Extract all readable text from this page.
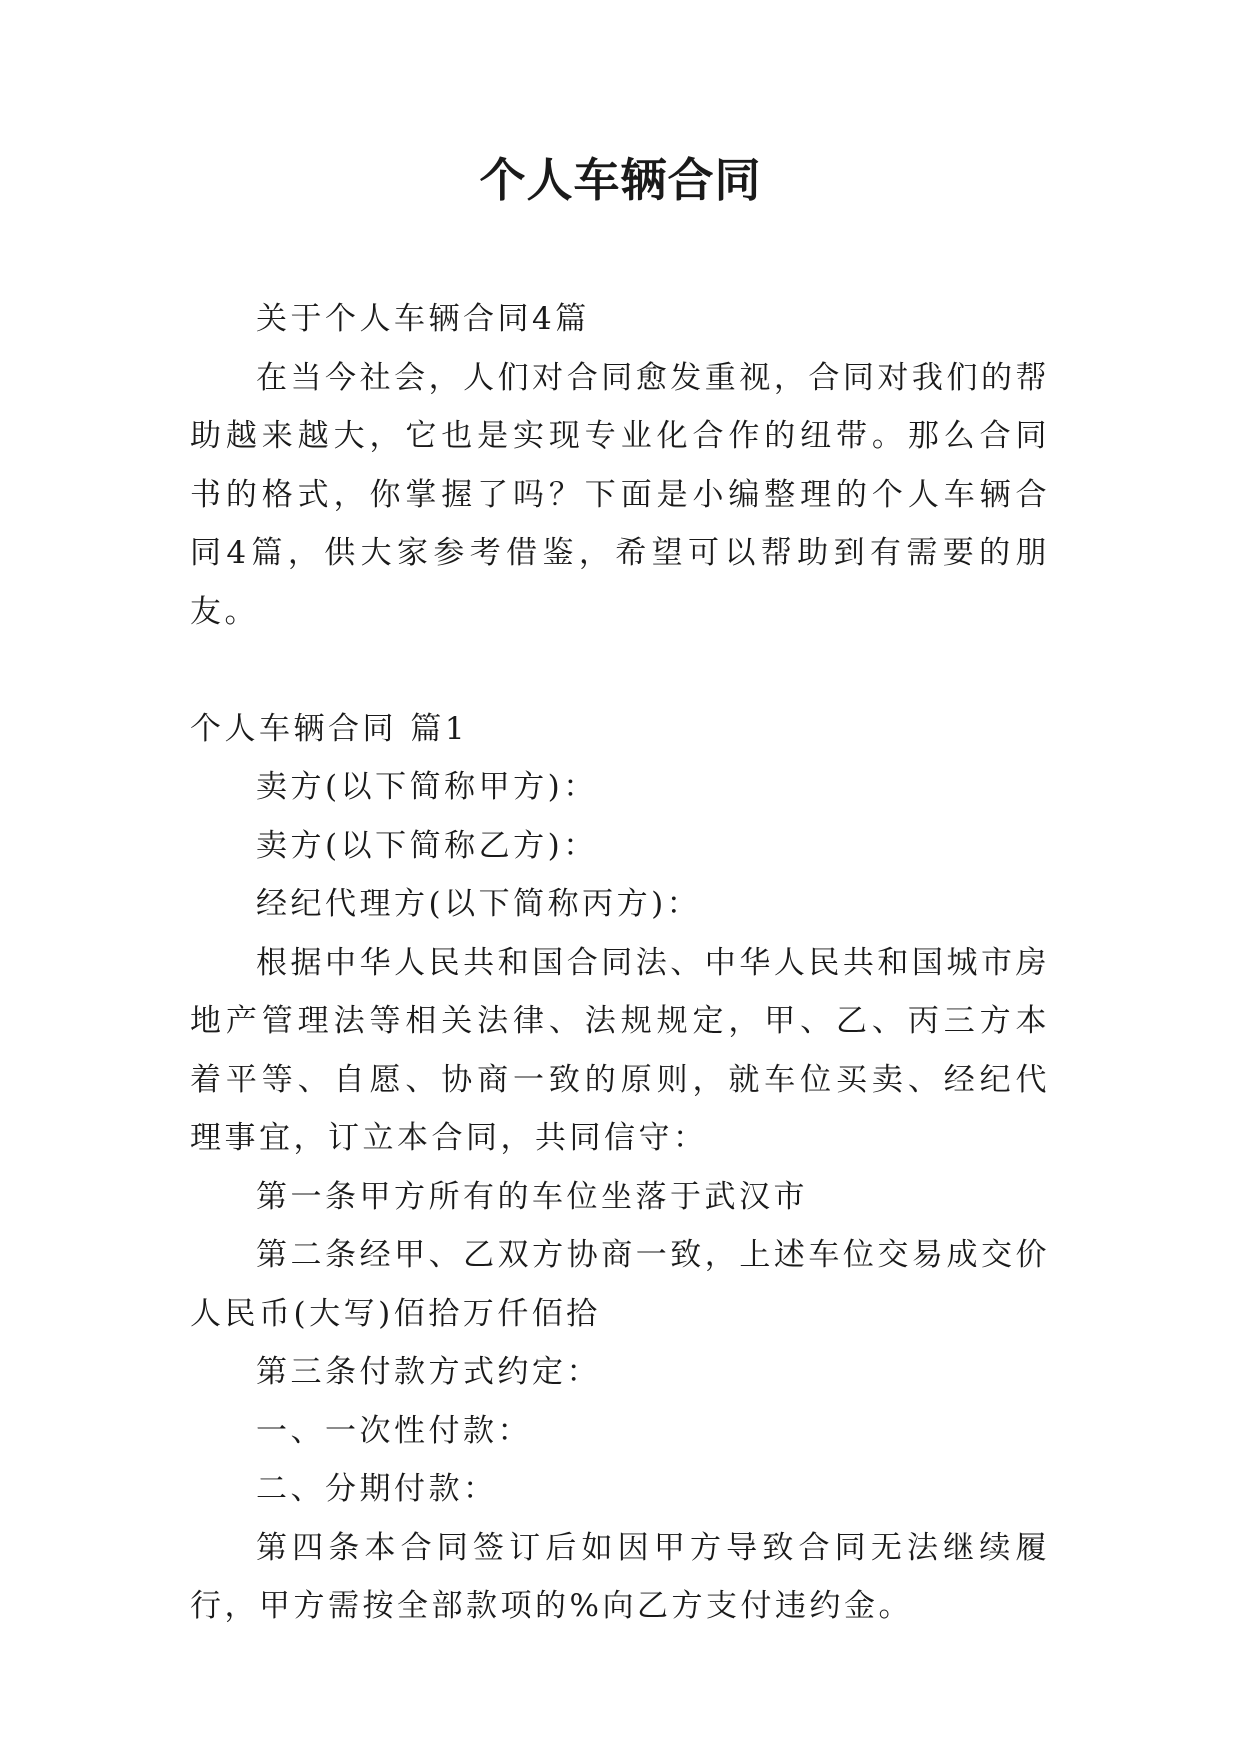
个人车辆合同

关于个人车辆合同4篇

在当今社会，人们对合同愈发重视，合同对我们的帮助越来越大，它也是实现专业化合作的纽带。那么合同书的格式，你掌握了吗？下面是小编整理的个人车辆合同4篇，供大家参考借鉴，希望可以帮助到有需要的朋友。

个人车辆合同 篇1

卖方(以下简称甲方)：

卖方(以下简称乙方)：

经纪代理方(以下简称丙方)：

根据中华人民共和国合同法、中华人民共和国城市房地产管理法等相关法律、法规规定，甲、乙、丙三方本着平等、自愿、协商一致的原则，就车位买卖、经纪代理事宜，订立本合同，共同信守：

第一条甲方所有的车位坐落于武汉市

第二条经甲、乙双方协商一致，上述车位交易成交价人民币(大写)佰拾万仟佰拾

第三条付款方式约定：

一、一次性付款：

二、分期付款：

第四条本合同签订后如因甲方导致合同无法继续履行，甲方需按全部款项的%向乙方支付违约金。
